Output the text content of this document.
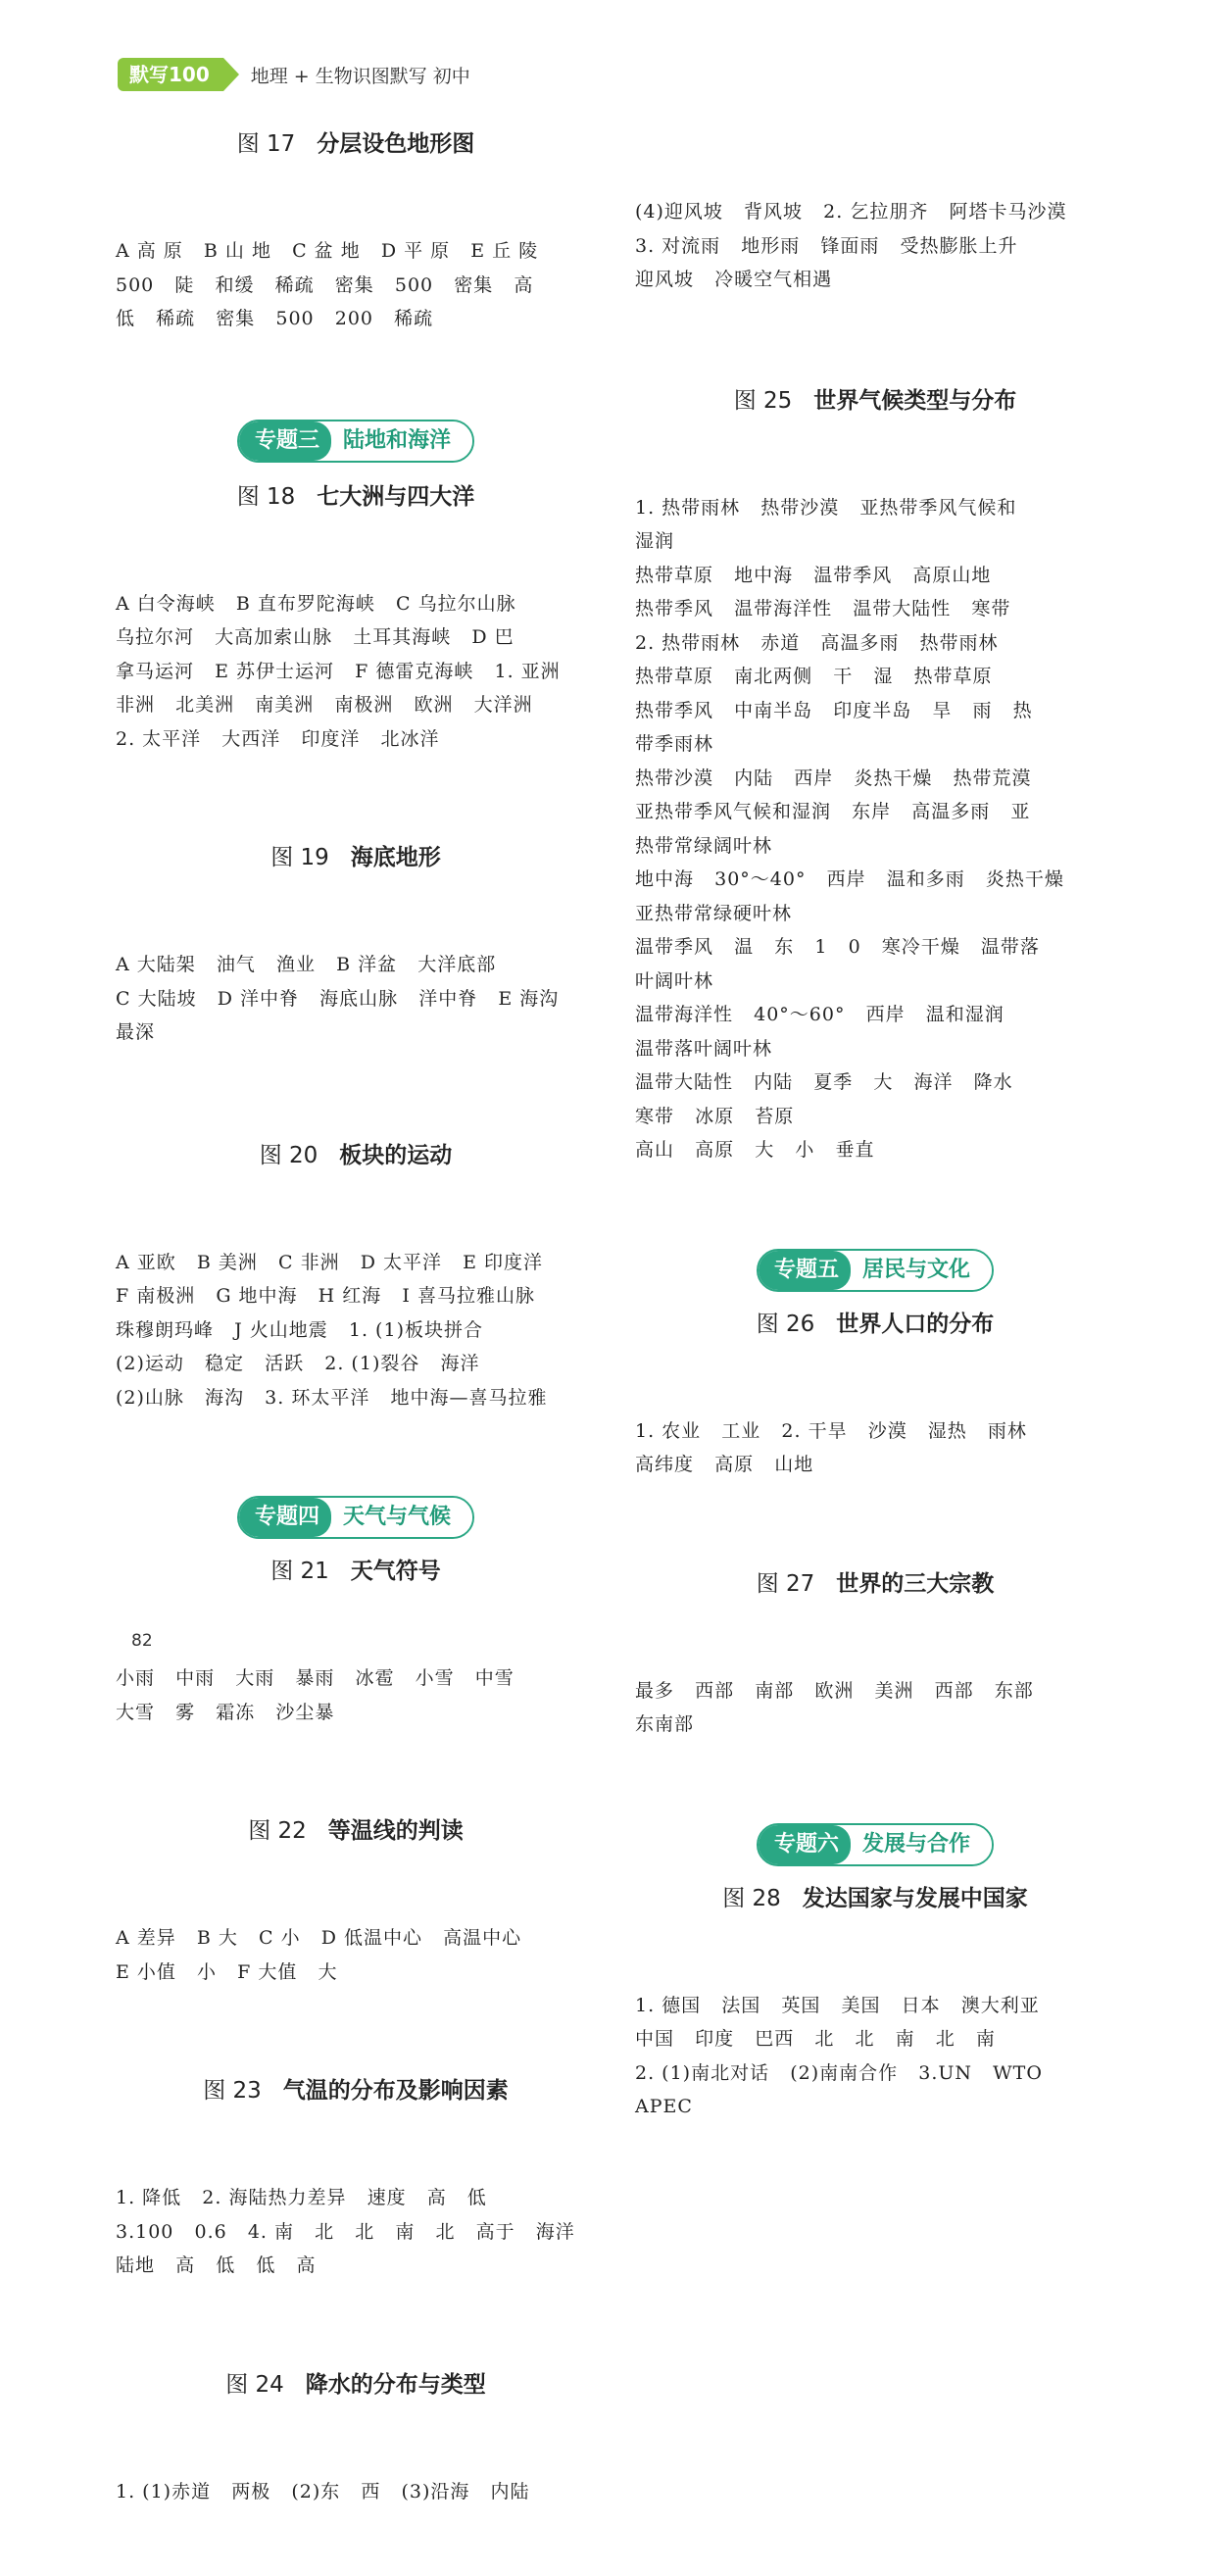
默写100	地理 + 生物识图默写 初中
图 17 分层设色地形图

A 高 原   B 山 地   C 盆 地   D 平 原   E 丘 陵
500   陡   和缓   稀疏   密集   500   密集   高
低   稀疏   密集   500   200   稀疏

专题三	陆地和海洋
图 18 七大洲与四大洋

A 白令海峡   B 直布罗陀海峡   C 乌拉尔山脉
乌拉尔河   大高加索山脉   土耳其海峡   D 巴
拿马运河   E 苏伊士运河   F 德雷克海峡   1. 亚洲
非洲   北美洲   南美洲   南极洲   欧洲   大洋洲
2. 太平洋   大西洋   印度洋   北冰洋

图 19 海底地形

A 大陆架   油气   渔业   B 洋盆   大洋底部
C 大陆坡   D 洋中脊   海底山脉   洋中脊   E 海沟
最深

图 20 板块的运动

A 亚欧   B 美洲   C 非洲   D 太平洋   E 印度洋
F 南极洲   G 地中海   H 红海   I 喜马拉雅山脉
珠穆朗玛峰   J 火山地震   1. (1)板块拼合
(2)运动   稳定   活跃   2. (1)裂谷   海洋
(2)山脉   海沟   3. 环太平洋   地中海—喜马拉雅

专题四	天气与气候
图 21 天气符号

小雨   中雨   大雨   暴雨   冰雹   小雪   中雪
大雪   雾   霜冻   沙尘暴

图 22 等温线的判读

A 差异   B 大   C 小   D 低温中心   高温中心
E 小值   小   F 大值   大

图 23 气温的分布及影响因素

1. 降低   2. 海陆热力差异   速度   高   低
3.100   0.6   4. 南   北   北   南   北   高于   海洋
陆地   高   低   低   高

图 24 降水的分布与类型

1. (1)赤道   两极   (2)东   西   (3)沿海   内陆

(4)迎风坡   背风坡   2. 乞拉朋齐   阿塔卡马沙漠
3. 对流雨   地形雨   锋面雨   受热膨胀上升
迎风坡   冷暖空气相遇

图 25 世界气候类型与分布

1. 热带雨林   热带沙漠   亚热带季风气候和
湿润
热带草原   地中海   温带季风   高原山地
热带季风   温带海洋性   温带大陆性   寒带
2. 热带雨林   赤道   高温多雨   热带雨林
热带草原   南北两侧   干   湿   热带草原
热带季风   中南半岛   印度半岛   旱   雨   热
带季雨林
热带沙漠   内陆   西岸   炎热干燥   热带荒漠
亚热带季风气候和湿润   东岸   高温多雨   亚
热带常绿阔叶林
地中海   30°～40°   西岸   温和多雨   炎热干燥
亚热带常绿硬叶林
温带季风   温   东   1   0   寒冷干燥   温带落
叶阔叶林
温带海洋性   40°～60°   西岸   温和湿润
温带落叶阔叶林
温带大陆性   内陆   夏季   大   海洋   降水
寒带   冰原   苔原
高山   高原   大   小   垂直

专题五	居民与文化
图 26 世界人口的分布

1. 农业   工业   2. 干旱   沙漠   湿热   雨林
高纬度   高原   山地

图 27 世界的三大宗教

最多   西部   南部   欧洲   美洲   西部   东部
东南部

专题六	发展与合作
图 28 发达国家与发展中国家

1. 德国   法国   英国   美国   日本   澳大利亚
中国   印度   巴西   北   北   南   北   南
2. (1)南北对话   (2)南南合作   3.UN   WTO
APEC

82
